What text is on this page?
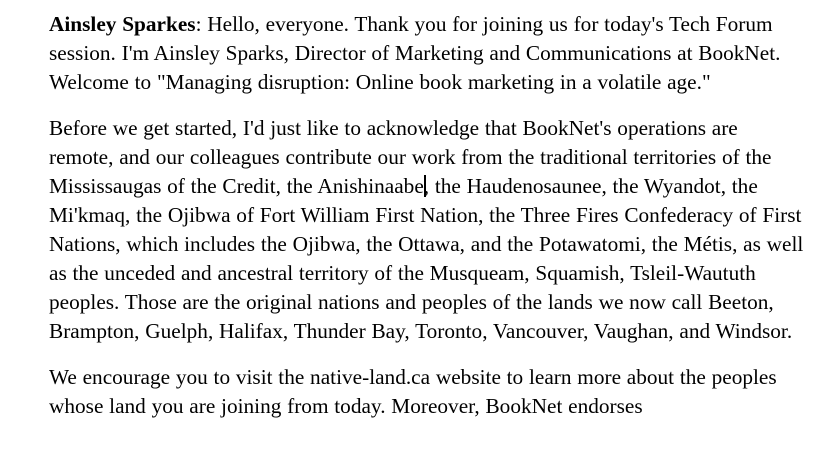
Ainsley Sparkes: Hello, everyone. Thank you for joining us for today's Tech Forum session. I'm Ainsley Sparks, Director of Marketing and Communications at BookNet. Welcome to "Managing disruption: Online book marketing in a volatile age."

Before we get started, I'd just like to acknowledge that BookNet's operations are remote, and our colleagues contribute our work from the traditional territories of the Mississaugas of the Credit, the Anishinaabe, the Haudenosaunee, the Wyandot, the Mi'kmaq, the Ojibwa of Fort William First Nation, the Three Fires Confederacy of First Nations, which includes the Ojibwa, the Ottawa, and the Potawatomi, the Métis, as well as the unceded and ancestral territory of the Musqueam, Squamish, Tsleil-Waututh peoples. Those are the original nations and peoples of the lands we now call Beeton, Brampton, Guelph, Halifax, Thunder Bay, Toronto, Vancouver, Vaughan, and Windsor.

We encourage you to visit the native-land.ca website to learn more about the peoples whose land you are joining from today. Moreover, BookNet endorses
